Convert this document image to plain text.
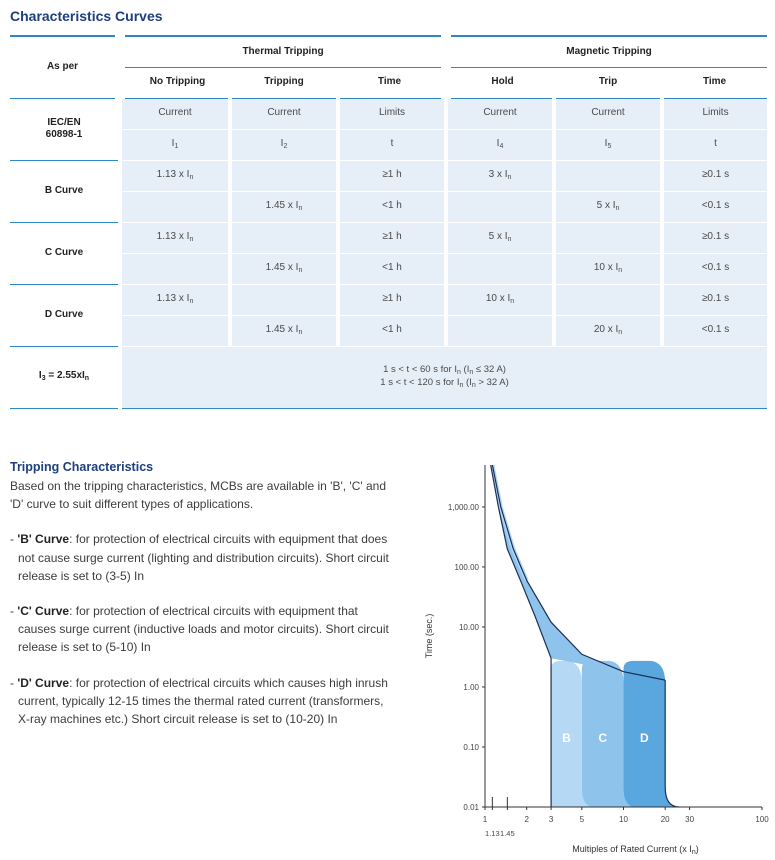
Characteristics Curves
As per	Thermal Tripping			Magnetic Tripping		
	No Tripping	Tripping	Time	Hold	Trip	Time
IEC/EN
60898-1	Current	Current	Limits	Current	Current	Limits
	$I_1$	$I_2$	t	$I_4$	$I_5$	t
B Curve	1.13 x $I_n$		≥1 h	3 x $I_n$		≥0.1 s
		1.45 x $I_n$	<1 h		5 x $I_n$	<0.1 s
C Curve	1.13 x $I_n$		≥1 h	5 x $I_n$		≥0.1 s
		1.45 x $I_n$	<1 h		10 x $I_n$	<0.1 s
D Curve	1.13 x $I_n$		≥1 h	10 x $I_n$		≥0.1 s
		1.45 x $I_n$	<1 h		20 x $I_n$	<0.1 s
$I_3 = 2.55xI_n$	1 s < t < 60 s for $I_n$ ($I_n \le 32$ A)
1 s < t < 120 s for $I_n$ ($I_n > 32$ A)					
Tripping Characteristics

Based on the tripping characteristics, MCBs are available in 'B', 'C' and 'D' curve to suit different types of applications.

- 'B' Curve: for protection of electrical circuits with equipment that does not cause surge current (lighting and distribution circuits). Short circuit release is set to (3-5) In

- 'C' Curve: for protection of electrical circuits with equipment that causes surge current (inductive loads and motor circuits). Short circuit release is set to (5-10) In

- 'D' Curve: for protection of electrical circuits which causes high inrush current, typically 12-15 times the thermal rated current (transformers, X-ray machines etc.) Short circuit release is set to (10-20) In

B C	D
0.01
0.10
1.00
10.00
100.00
1,000.00
1	2 3	5	10	20 30	100
1.13 1.45
Multiples of Rated Current (x $I_n$)
Time (sec.)
